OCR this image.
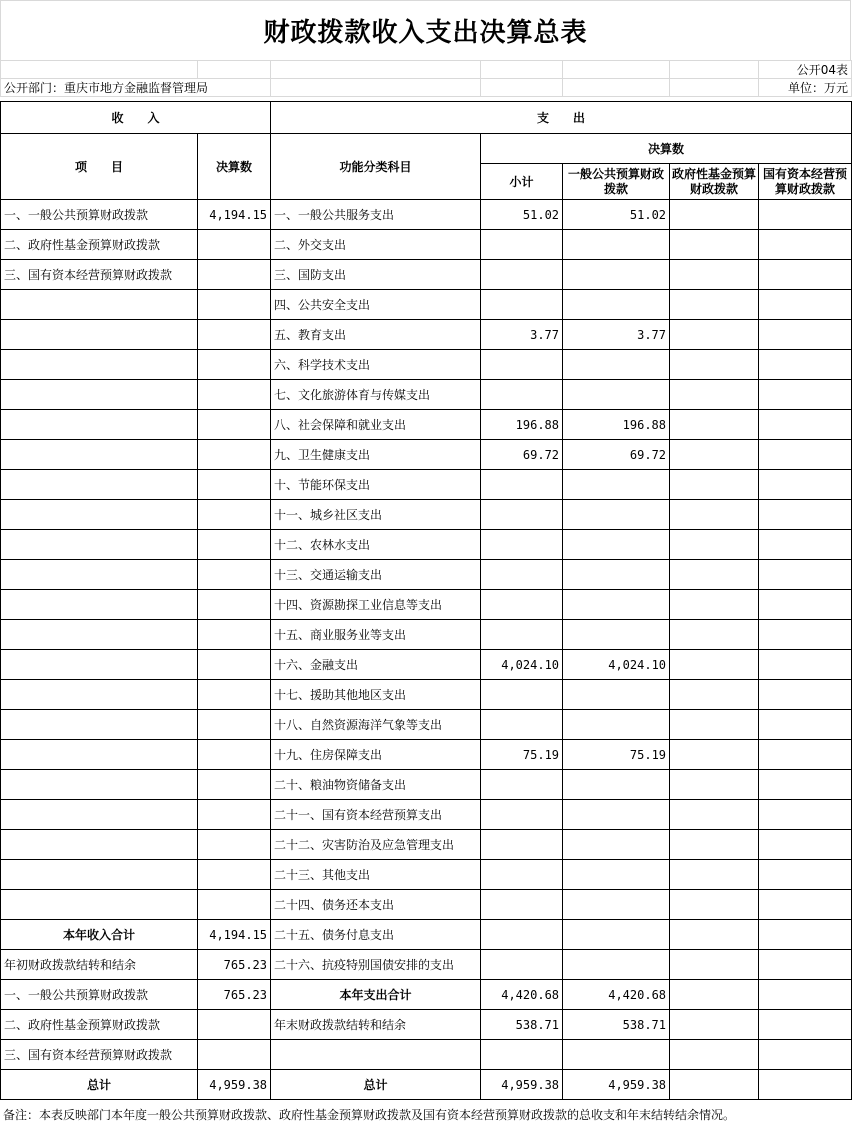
财政拨款收入支出决算总表
						公开04表
公开部门：重庆市地方金融监督管理局						单位：万元
收　　入		支　　出				
项　　目	决算数	功能分类科目	决算数			
			小计	一般公共预算财政拨款	政府性基金预算财政拨款	国有资本经营预算财政拨款
一、一般公共预算财政拨款	4,194.15	一、一般公共服务支出	51.02	51.02		
二、政府性基金预算财政拨款		二、外交支出				
三、国有资本经营预算财政拨款		三、国防支出				
		四、公共安全支出				
		五、教育支出	3.77	3.77		
		六、科学技术支出				
		七、文化旅游体育与传媒支出				
		八、社会保障和就业支出	196.88	196.88		
		九、卫生健康支出	69.72	69.72		
		十、节能环保支出				
		十一、城乡社区支出				
		十二、农林水支出				
		十三、交通运输支出				
		十四、资源勘探工业信息等支出				
		十五、商业服务业等支出				
		十六、金融支出	4,024.10	4,024.10		
		十七、援助其他地区支出				
		十八、自然资源海洋气象等支出				
		十九、住房保障支出	75.19	75.19		
		二十、粮油物资储备支出				
		二十一、国有资本经营预算支出				
		二十二、灾害防治及应急管理支出				
		二十三、其他支出				
		二十四、债务还本支出				
本年收入合计	4,194.15	二十五、债务付息支出				
年初财政拨款结转和结余	765.23	二十六、抗疫特别国债安排的支出				
一、一般公共预算财政拨款	765.23	本年支出合计	4,420.68	4,420.68		
二、政府性基金预算财政拨款		年末财政拨款结转和结余	538.71	538.71		
三、国有资本经营预算财政拨款						
总计	4,959.38	总计	4,959.38	4,959.38		
备注：本表反映部门本年度一般公共预算财政拨款、政府性基金预算财政拨款及国有资本经营预算财政拨款的总收支和年末结转结余情况。
